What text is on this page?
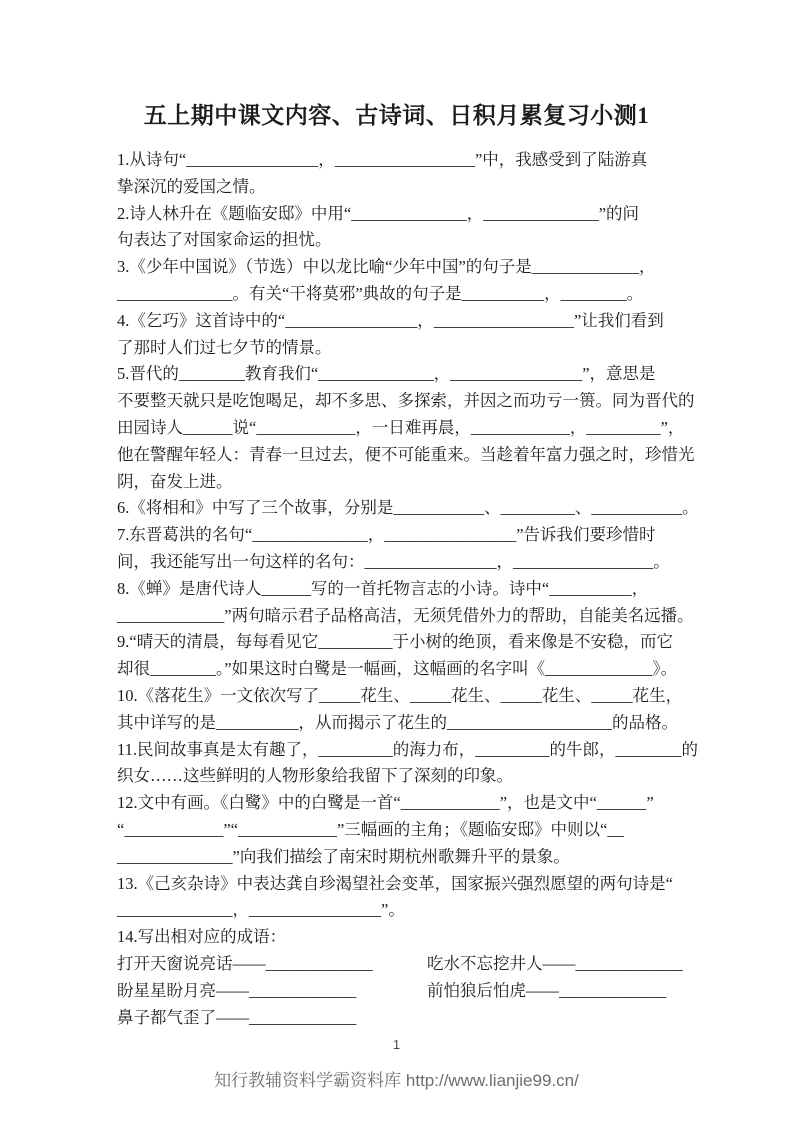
五上期中课文内容、古诗词、日积月累复习小测1
1.从诗句“________________，_________________”中，我感受到了陆游真
挚深沉的爱国之情。
2.诗人林升在《题临安邸》中用“______________，______________”的问
句表达了对国家命运的担忧。
3.《少年中国说》（节选）中以龙比喻“少年中国”的句子是_____________，
______________。有关“干将莫邪”典故的句子是__________，________。
4.《乞巧》这首诗中的“________________，_________________”让我们看到
了那时人们过七夕节的情景。
5.晋代的________教育我们“______________，________________”，意思是
不要整天就只是吃饱喝足，却不多思、多探索，并因之而功亏一篑。同为晋代的
田园诗人______说“____________，一日难再晨，____________，_________”，
他在警醒年轻人：青春一旦过去，便不可能重来。当趁着年富力强之时，珍惜光
阴，奋发上进。
6.《将相和》中写了三个故事，分别是___________、_________、___________。
7.东晋葛洪的名句“______________，________________”告诉我们要珍惜时
间，我还能写出一句这样的名句：________________，_________________。
8.《蝉》是唐代诗人______写的一首托物言志的小诗。诗中“__________，
_____________”两句暗示君子品格高洁，无须凭借外力的帮助，自能美名远播。
9.“晴天的清晨，每每看见它_________于小树的绝顶，看来像是不安稳，而它
却很________。”如果这时白鹭是一幅画，这幅画的名字叫《_____________》。
10.《落花生》一文依次写了_____花生、_____花生、_____花生、_____花生，
其中详写的是__________，从而揭示了花生的____________________的品格。
11.民间故事真是太有趣了，_________的海力布，_________的牛郎，________的
织女……这些鲜明的人物形象给我留下了深刻的印象。
12.文中有画。《白鹭》中的白鹭是一首“____________”，也是文中“______”
“____________”“____________”三幅画的主角；《题临安邸》中则以“__
______________”向我们描绘了南宋时期杭州歌舞升平的景象。
13.《己亥杂诗》中表达龚自珍渴望社会变革，国家振兴强烈愿望的两句诗是“
______________，________________”。
14.写出相对应的成语：
打开天窗说亮话——_____________	吃水不忘挖井人——_____________
盼星星盼月亮——_____________	前怕狼后怕虎——_____________
鼻子都气歪了——_____________
1
知行教辅资料学霸资料库 http://www.lianjie99.cn/
